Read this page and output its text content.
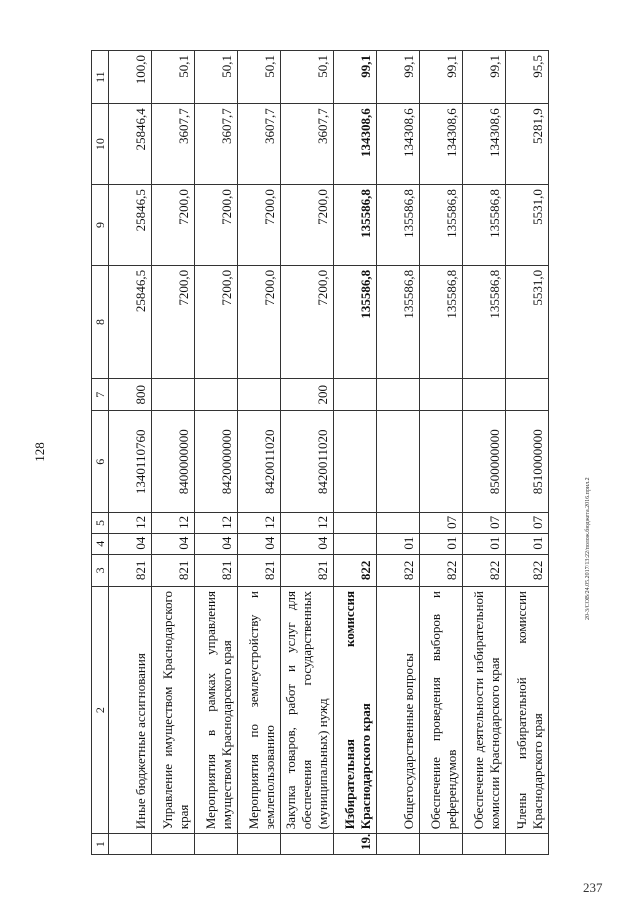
128
237
20-3/СОВ/24.05.2017/13:22/полож.бюджета.2016.прил.2
1	2	3	4	5	6	7	8	9	10	11
	Иные бюджетные ассигнования	821	04	12	1340110760	800	25846,5	25846,5	25846,4	100,0
	Управление имуществом Краснодарского края	821	04	12	8400000000		7200,0	7200,0	3607,7	50,1
	Мероприятия в рамках управления имуществом Краснодарского края	821	04	12	8420000000		7200,0	7200,0	3607,7	50,1
	Мероприятия по землеустройству и землепользованию	821	04	12	8420011020		7200,0	7200,0	3607,7	50,1
	Закупка товаров, работ и услуг для обеспечения государственных (муниципальных) нужд	821	04	12	8420011020	200	7200,0	7200,0	3607,7	50,1
19.	Избирательная комиссия Краснодарского края	822					135586,8	135586,8	134308,6	99,1
	Общегосударственные вопросы	822	01				135586,8	135586,8	134308,6	99,1
	Обеспечение проведения выборов и референдумов	822	01	07			135586,8	135586,8	134308,6	99,1
	Обеспечение деятельности избирательной комиссии Краснодарского края	822	01	07	8500000000		135586,8	135586,8	134308,6	99,1
	Члены избирательной комиссии Краснодарского края	822	01	07	8510000000		5531,0	5531,0	5281,9	95,5
